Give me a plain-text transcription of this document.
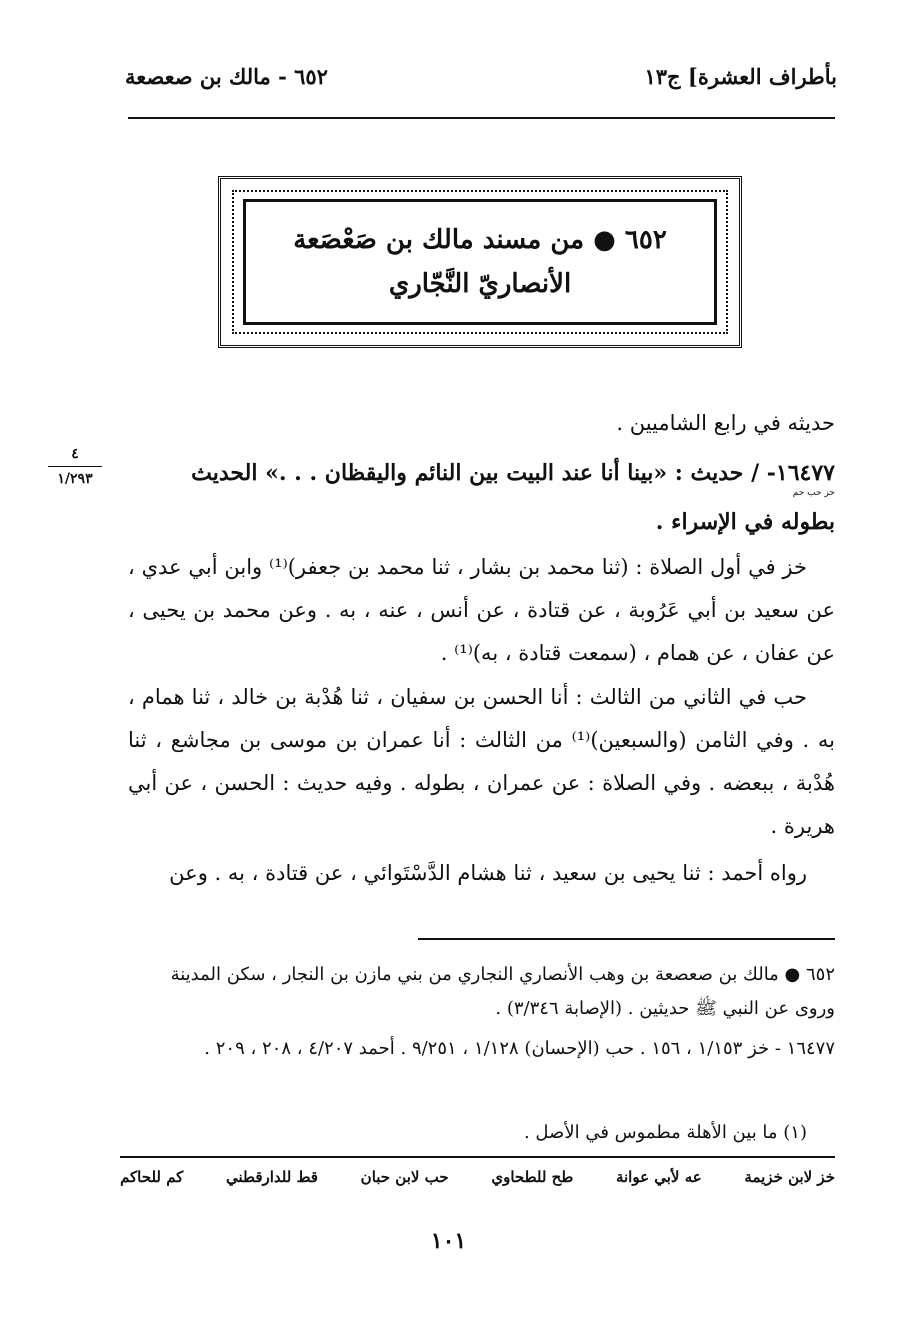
بأطراف العشرة] ج١٣
٦٥٢ - مالك بن صعصعة
٦٥٢ ● من مسند مالك بن صَعْصَعة
الأنصاريّ النَّجّاري
حديثه في رابع الشاميين .
١٦٤٧٧- / حديث : «بينا أنا عند البيت بين النائم واليقظان . . .» الحديث
خز حب حم
بطوله في الإسراء .
٤
١/٢٩٣
خز في أول الصلاة : (ثنا محمد بن بشار ، ثنا محمد بن جعفر)⁽¹⁾ وابن أبي عدي ، عن سعيد بن أبي عَرُوبة ، عن قتادة ، عن أنس ، عنه ، به . وعن محمد بن يحيى ، عن عفان ، عن همام ، (سمعت قتادة ، به)⁽¹⁾ .
حب في الثاني من الثالث : أنا الحسن بن سفيان ، ثنا هُدْبة بن خالد ، ثنا همام ، به . وفي الثامن (والسبعين)⁽¹⁾ من الثالث : أنا عمران بن موسى بن مجاشع ، ثنا هُدْبة ، ببعضه . وفي الصلاة : عن عمران ، بطوله . وفيه حديث : الحسن ، عن أبي هريرة .
رواه أحمد : ثنا يحيى بن سعيد ، ثنا هشام الدَّسْتَوائي ، عن قتادة ، به . وعن
٦٥٢ ● مالك بن صعصعة بن وهب الأنصاري النجاري من بني مازن بن النجار ، سكن المدينة وروى عن النبي ﷺ حديثين . (الإصابة ٣/٣٤٦) .
١٦٤٧٧ - خز ١/١٥٣ ، ١٥٦ . حب (الإحسان) ١/١٢٨ ، ٩/٢٥١ . أحمد ٤/٢٠٧ ، ٢٠٨ ، ٢٠٩ .
(١) ما بين الأهلة مطموس في الأصل .
خز لابن خزيمة
عه لأبي عوانة
طح للطحاوي
حب لابن حبان
قط للدارقطني
كم للحاكم
١٠١
